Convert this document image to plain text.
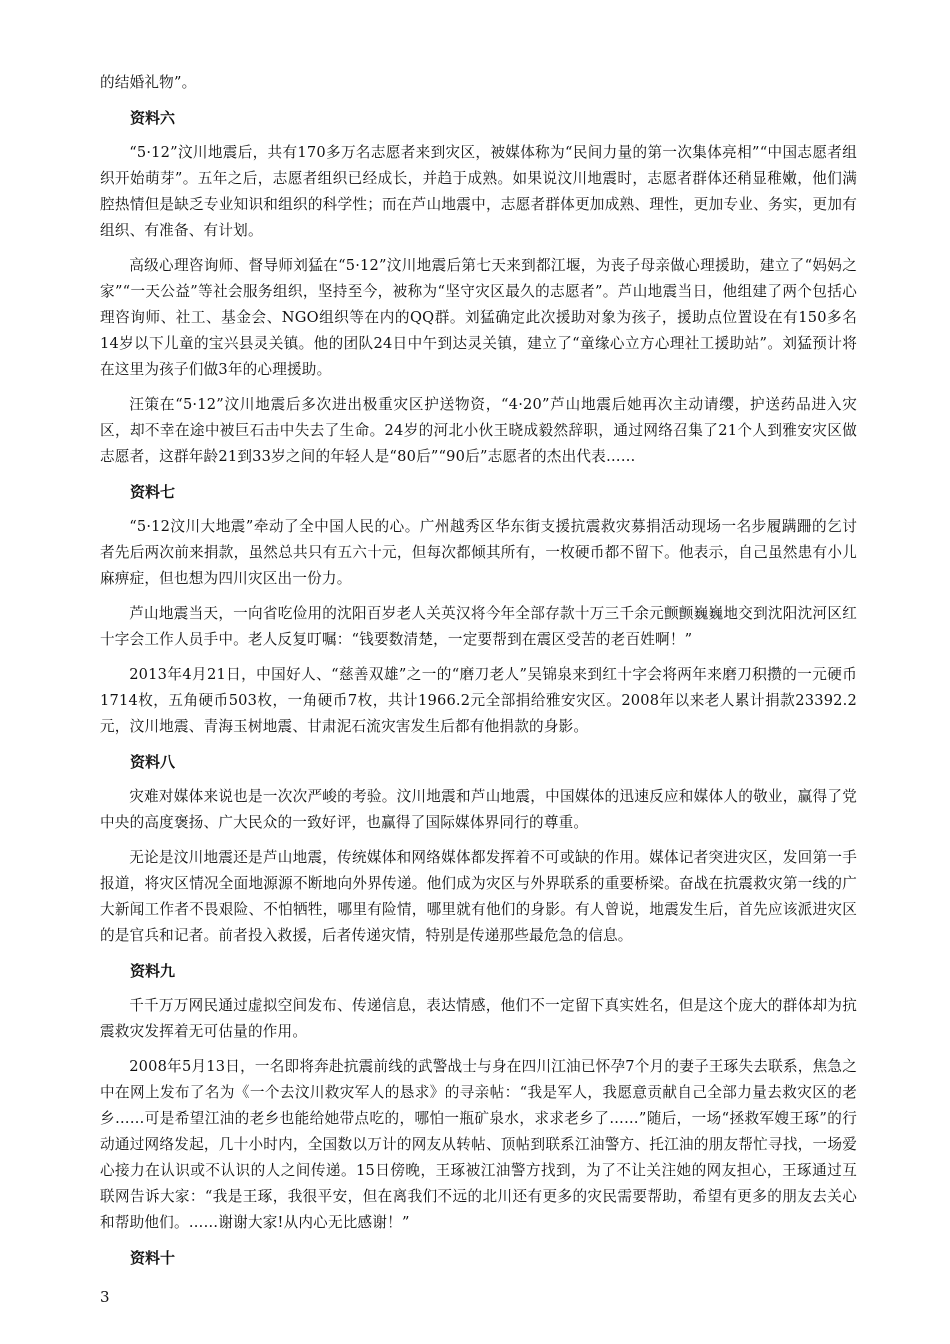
的结婚礼物”。

资料六

“5·12”汶川地震后，共有170多万名志愿者来到灾区，被媒体称为“民间力量的第一次集体亮相”“中国志愿者组织开始萌芽”。五年之后，志愿者组织已经成长，并趋于成熟。如果说汶川地震时，志愿者群体还稍显稚嫩，他们满腔热情但是缺乏专业知识和组织的科学性；而在芦山地震中，志愿者群体更加成熟、理性，更加专业、务实，更加有组织、有准备、有计划。

高级心理咨询师、督导师刘猛在“5·12”汶川地震后第七天来到都江堰，为丧子母亲做心理援助，建立了“妈妈之家”“一天公益”等社会服务组织，坚持至今，被称为“坚守灾区最久的志愿者”。芦山地震当日，他组建了两个包括心理咨询师、社工、基金会、NGO组织等在内的QQ群。刘猛确定此次援助对象为孩子，援助点位置设在有150多名14岁以下儿童的宝兴县灵关镇。他的团队24日中午到达灵关镇，建立了“童缘心立方心理社工援助站”。刘猛预计将在这里为孩子们做3年的心理援助。

汪策在“5·12”汶川地震后多次进出极重灾区护送物资，“4·20”芦山地震后她再次主动请缨，护送药品进入灾区，却不幸在途中被巨石击中失去了生命。24岁的河北小伙王晓成毅然辞职，通过网络召集了21个人到雅安灾区做志愿者，这群年龄21到33岁之间的年轻人是“80后”“90后”志愿者的杰出代表……

资料七

“5·12汶川大地震”牵动了全中国人民的心。广州越秀区华东街支援抗震救灾募捐活动现场一名步履蹒跚的乞讨者先后两次前来捐款，虽然总共只有五六十元，但每次都倾其所有，一枚硬币都不留下。他表示，自己虽然患有小儿麻痹症，但也想为四川灾区出一份力。

芦山地震当天，一向省吃俭用的沈阳百岁老人关英汉将今年全部存款十万三千余元颤颤巍巍地交到沈阳沈河区红十字会工作人员手中。老人反复叮嘱：“钱要数清楚，一定要帮到在震区受苦的老百姓啊！”

2013年4月21日，中国好人、“慈善双雄”之一的“磨刀老人”吴锦泉来到红十字会将两年来磨刀积攒的一元硬币1714枚，五角硬币503枚，一角硬币7枚，共计1966.2元全部捐给雅安灾区。2008年以来老人累计捐款23392.2元，汶川地震、青海玉树地震、甘肃泥石流灾害发生后都有他捐款的身影。

资料八

灾难对媒体来说也是一次次严峻的考验。汶川地震和芦山地震，中国媒体的迅速反应和媒体人的敬业，赢得了党中央的高度褒扬、广大民众的一致好评，也赢得了国际媒体界同行的尊重。

无论是汶川地震还是芦山地震，传统媒体和网络媒体都发挥着不可或缺的作用。媒体记者突进灾区，发回第一手报道，将灾区情况全面地源源不断地向外界传递。他们成为灾区与外界联系的重要桥梁。奋战在抗震救灾第一线的广大新闻工作者不畏艰险、不怕牺牲，哪里有险情，哪里就有他们的身影。有人曾说，地震发生后，首先应该派进灾区的是官兵和记者。前者投入救援，后者传递灾情，特别是传递那些最危急的信息。

资料九

千千万万网民通过虚拟空间发布、传递信息，表达情感，他们不一定留下真实姓名，但是这个庞大的群体却为抗震救灾发挥着无可估量的作用。

2008年5月13日，一名即将奔赴抗震前线的武警战士与身在四川江油已怀孕7个月的妻子王琢失去联系，焦急之中在网上发布了名为《一个去汶川救灾军人的恳求》的寻亲帖：“我是军人，我愿意贡献自己全部力量去救灾区的老乡……可是希望江油的老乡也能给她带点吃的，哪怕一瓶矿泉水，求求老乡了……”随后，一场“拯救军嫂王琢”的行动通过网络发起，几十小时内，全国数以万计的网友从转帖、顶帖到联系江油警方、托江油的朋友帮忙寻找，一场爱心接力在认识或不认识的人之间传递。15日傍晚，王琢被江油警方找到，为了不让关注她的网友担心，王琢通过互联网告诉大家：“我是王琢，我很平安，但在离我们不远的北川还有更多的灾民需要帮助，希望有更多的朋友去关心和帮助他们。……谢谢大家!从内心无比感谢！”

资料十
3
